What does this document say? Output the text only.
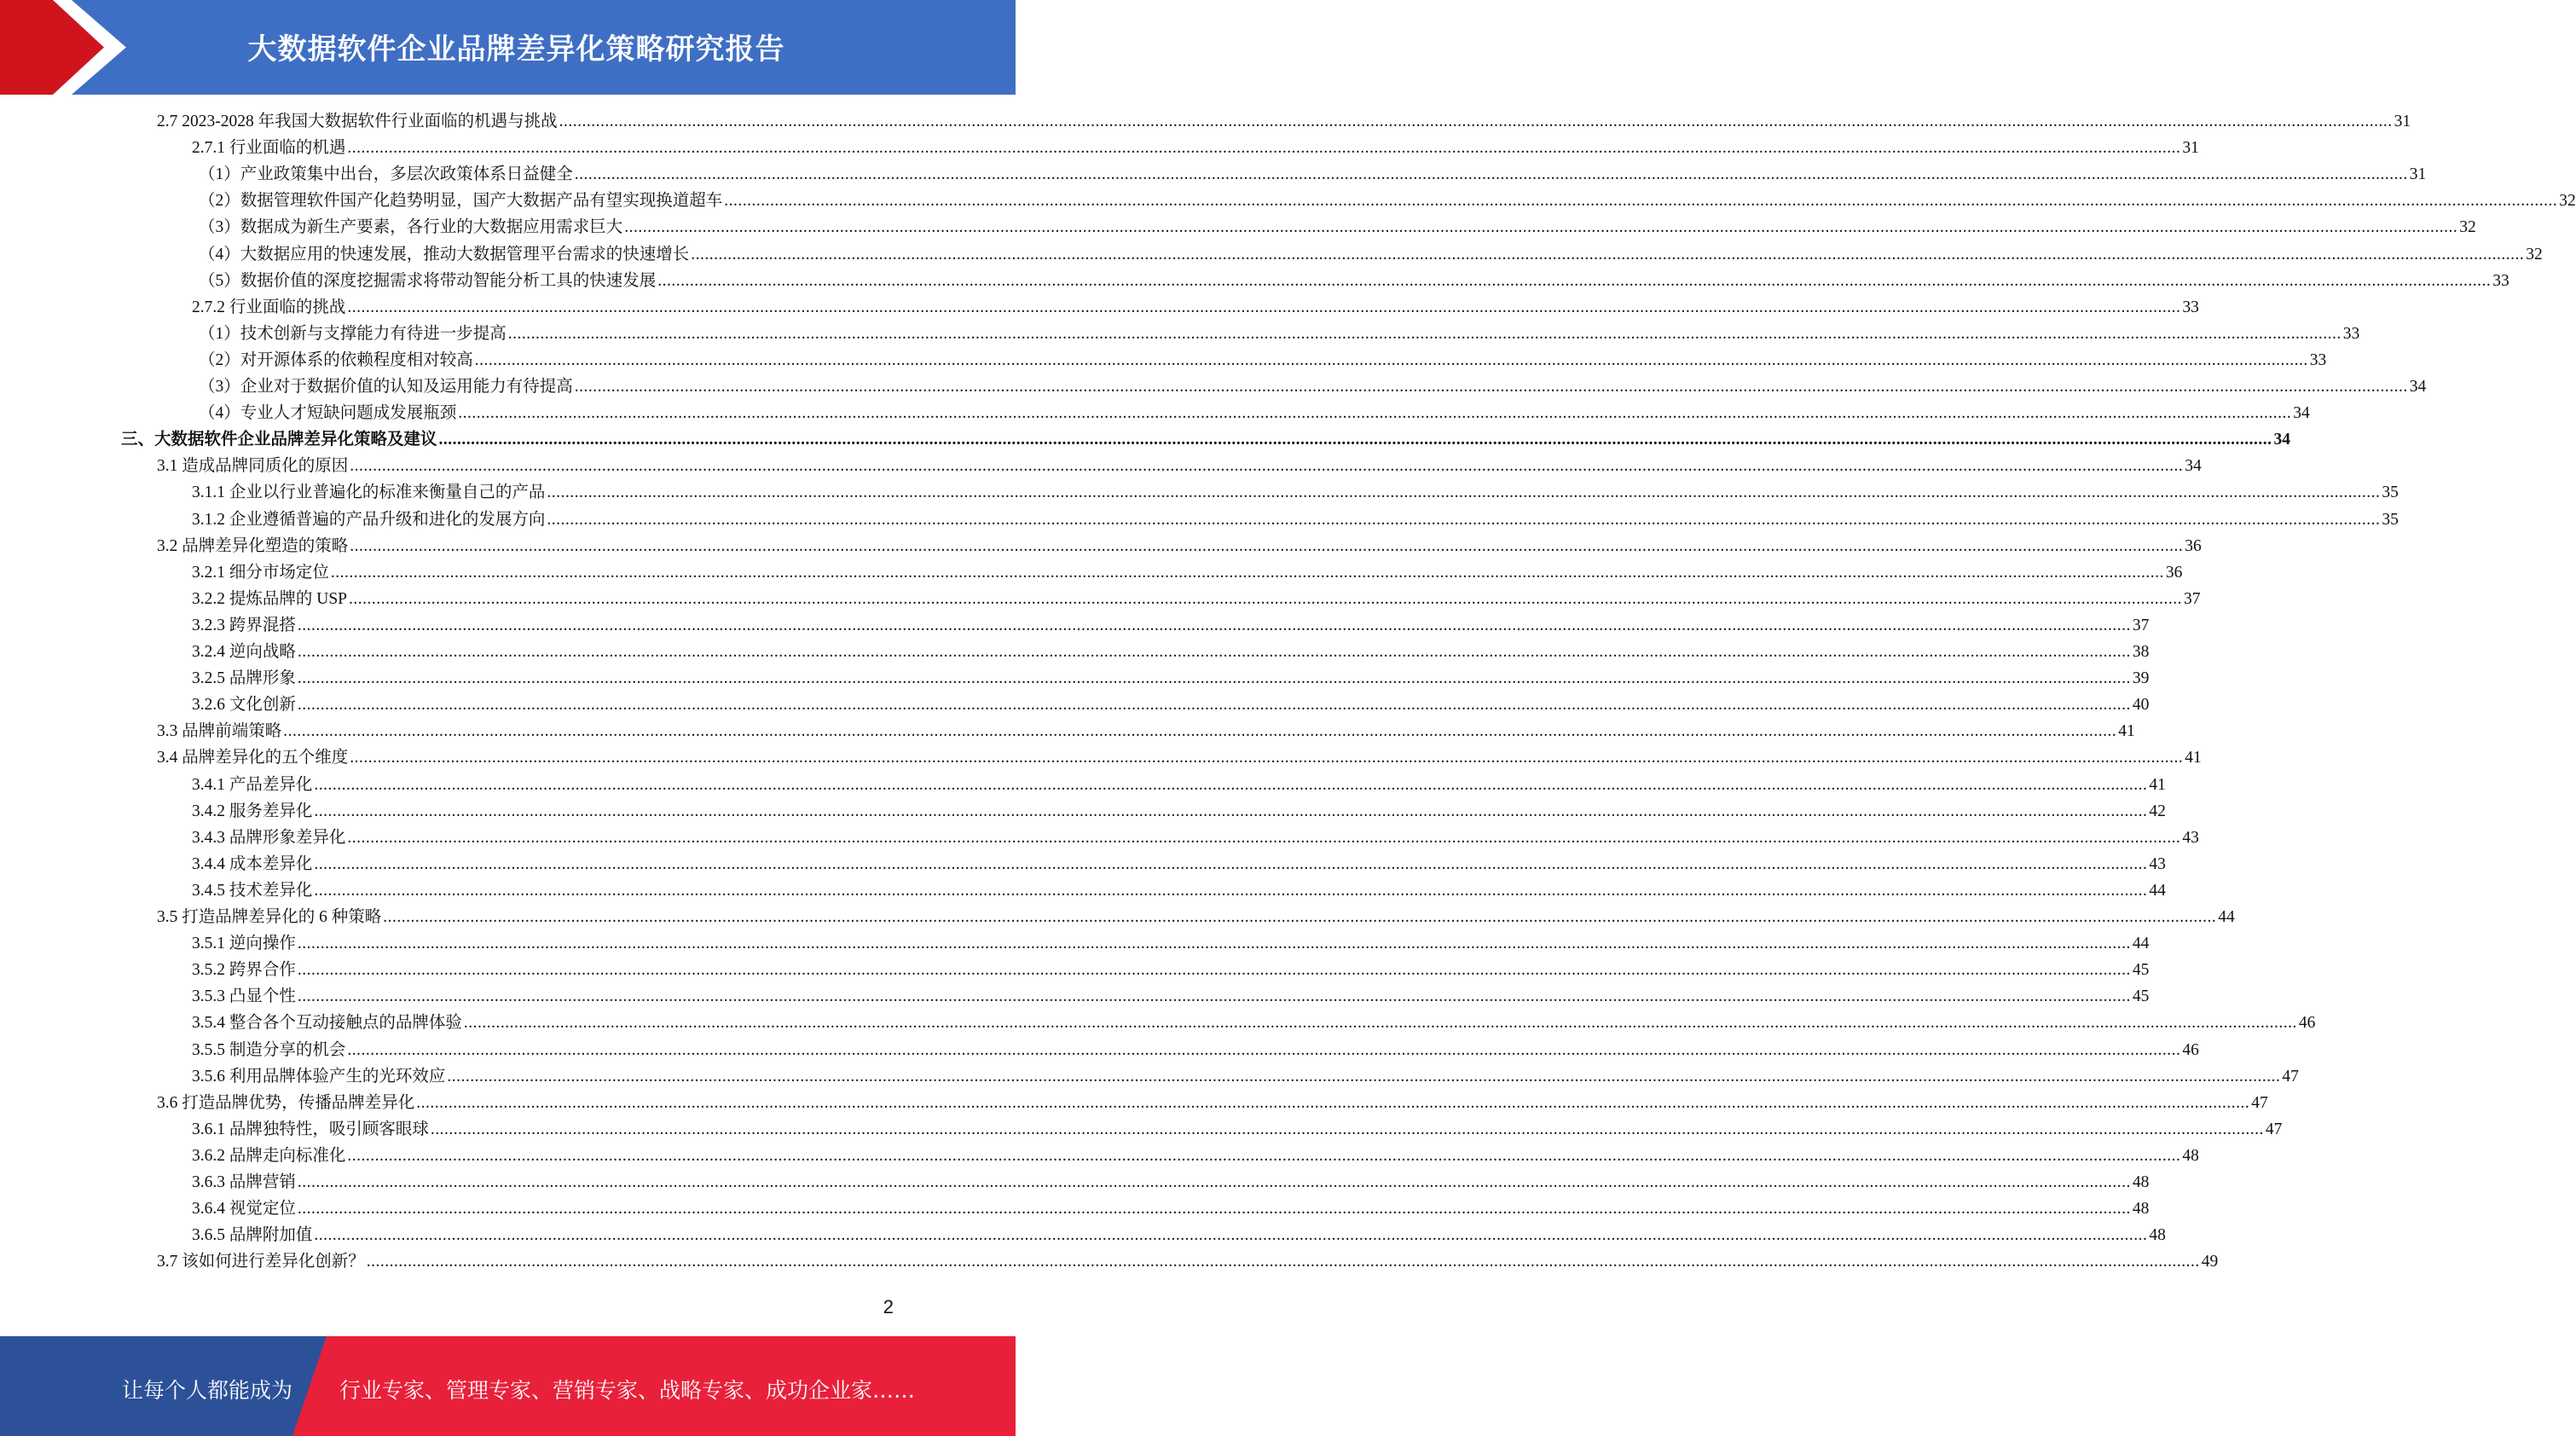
大数据软件企业品牌差异化策略研究报告
2.7 2023-2028 年我国大数据软件行业面临的机遇与挑战 ................................................................................................................................................................................................................................................................................................................................................................................................................ 31
2.7.1 行业面临的机遇 ................................................................................................................................................................................................................................................................................................................................................................................................................ 31
（1）产业政策集中出台，多层次政策体系日益健全 ................................................................................................................................................................................................................................................................................................................................................................................................................ 31
（2）数据管理软件国产化趋势明显，国产大数据产品有望实现换道超车 ................................................................................................................................................................................................................................................................................................................................................................................................................ 32
（3）数据成为新生产要素，各行业的大数据应用需求巨大 ................................................................................................................................................................................................................................................................................................................................................................................................................ 32
（4）大数据应用的快速发展，推动大数据管理平台需求的快速增长 ................................................................................................................................................................................................................................................................................................................................................................................................................ 32
（5）数据价值的深度挖掘需求将带动智能分析工具的快速发展 ................................................................................................................................................................................................................................................................................................................................................................................................................ 33
2.7.2 行业面临的挑战 ................................................................................................................................................................................................................................................................................................................................................................................................................ 33
（1）技术创新与支撑能力有待进一步提高 ................................................................................................................................................................................................................................................................................................................................................................................................................ 33
（2）对开源体系的依赖程度相对较高 ................................................................................................................................................................................................................................................................................................................................................................................................................ 33
（3）企业对于数据价值的认知及运用能力有待提高 ................................................................................................................................................................................................................................................................................................................................................................................................................ 34
（4）专业人才短缺问题成发展瓶颈 ................................................................................................................................................................................................................................................................................................................................................................................................................ 34
三、大数据软件企业品牌差异化策略及建议 ................................................................................................................................................................................................................................................................................................................................................................................................................ 34
3.1 造成品牌同质化的原因 ................................................................................................................................................................................................................................................................................................................................................................................................................ 34
3.1.1 企业以行业普遍化的标准来衡量自己的产品 ................................................................................................................................................................................................................................................................................................................................................................................................................ 35
3.1.2 企业遵循普遍的产品升级和进化的发展方向 ................................................................................................................................................................................................................................................................................................................................................................................................................ 35
3.2 品牌差异化塑造的策略 ................................................................................................................................................................................................................................................................................................................................................................................................................ 36
3.2.1 细分市场定位 ................................................................................................................................................................................................................................................................................................................................................................................................................ 36
3.2.2 提炼品牌的 USP ................................................................................................................................................................................................................................................................................................................................................................................................................ 37
3.2.3 跨界混搭 ................................................................................................................................................................................................................................................................................................................................................................................................................ 37
3.2.4 逆向战略 ................................................................................................................................................................................................................................................................................................................................................................................................................ 38
3.2.5 品牌形象 ................................................................................................................................................................................................................................................................................................................................................................................................................ 39
3.2.6 文化创新 ................................................................................................................................................................................................................................................................................................................................................................................................................ 40
3.3 品牌前端策略 ................................................................................................................................................................................................................................................................................................................................................................................................................ 41
3.4 品牌差异化的五个维度 ................................................................................................................................................................................................................................................................................................................................................................................................................ 41
3.4.1 产品差异化 ................................................................................................................................................................................................................................................................................................................................................................................................................ 41
3.4.2 服务差异化 ................................................................................................................................................................................................................................................................................................................................................................................................................ 42
3.4.3 品牌形象差异化 ................................................................................................................................................................................................................................................................................................................................................................................................................ 43
3.4.4 成本差异化 ................................................................................................................................................................................................................................................................................................................................................................................................................ 43
3.4.5 技术差异化 ................................................................................................................................................................................................................................................................................................................................................................................................................ 44
3.5 打造品牌差异化的 6 种策略 ................................................................................................................................................................................................................................................................................................................................................................................................................ 44
3.5.1 逆向操作 ................................................................................................................................................................................................................................................................................................................................................................................................................ 44
3.5.2 跨界合作 ................................................................................................................................................................................................................................................................................................................................................................................................................ 45
3.5.3 凸显个性 ................................................................................................................................................................................................................................................................................................................................................................................................................ 45
3.5.4 整合各个互动接触点的品牌体验 ................................................................................................................................................................................................................................................................................................................................................................................................................ 46
3.5.5 制造分享的机会 ................................................................................................................................................................................................................................................................................................................................................................................................................ 46
3.5.6 利用品牌体验产生的光环效应 ................................................................................................................................................................................................................................................................................................................................................................................................................ 47
3.6 打造品牌优势，传播品牌差异化 ................................................................................................................................................................................................................................................................................................................................................................................................................ 47
3.6.1 品牌独特性，吸引顾客眼球 ................................................................................................................................................................................................................................................................................................................................................................................................................ 47
3.6.2 品牌走向标准化 ................................................................................................................................................................................................................................................................................................................................................................................................................ 48
3.6.3 品牌营销 ................................................................................................................................................................................................................................................................................................................................................................................................................ 48
3.6.4 视觉定位 ................................................................................................................................................................................................................................................................................................................................................................................................................ 48
3.6.5 品牌附加值 ................................................................................................................................................................................................................................................................................................................................................................................................................ 48
3.7 该如何进行差异化创新？ ................................................................................................................................................................................................................................................................................................................................................................................................................ 49
2
让每个人都能成为 行业专家、管理专家、营销专家、战略专家、成功企业家……
